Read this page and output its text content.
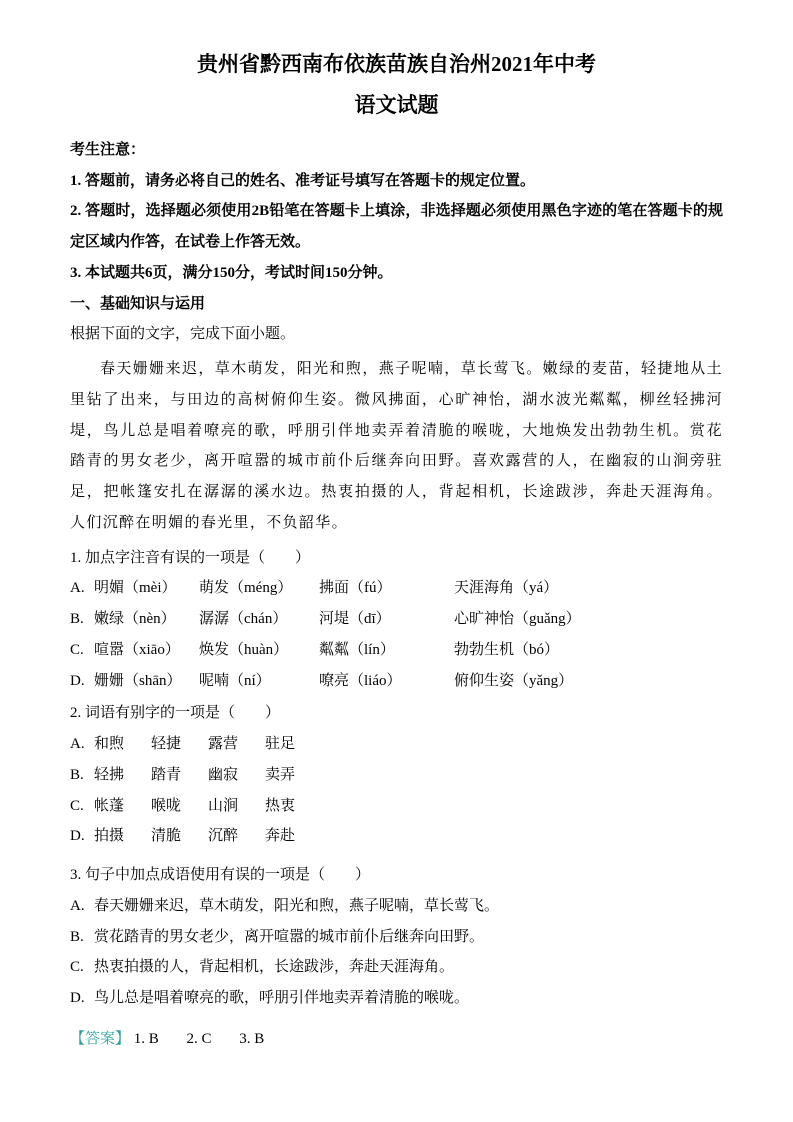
贵州省黔西南布依族苗族自治州2021年中考
语文试题

考生注意：

1. 答题前，请务必将自己的姓名、准考证号填写在答题卡的规定位置。

2. 答题时，选择题必须使用2B铅笔在答题卡上填涂，非选择题必须使用黑色字迹的笔在答题卡的规定区域内作答，在试卷上作答无效。

3. 本试题共6页，满分150分，考试时间150分钟。

一、基础知识与运用

根据下面的文字，完成下面小题。

春天姗姗来迟，草木萌发，阳光和煦，燕子呢喃，草长莺飞。嫩绿的麦苗，轻捷地从土里钻了出来，与田边的高树俯仰生姿。微风拂面，心旷神怡，湖水波光粼粼，柳丝轻拂河堤，鸟儿总是唱着嘹亮的歌，呼朋引伴地卖弄着清脆的喉咙，大地焕发出勃勃生机。赏花踏青的男女老少，离开喧嚣的城市前仆后继奔向田野。喜欢露营的人，在幽寂的山涧旁驻足，把帐篷安扎在潺潺的溪水边。热衷拍摄的人，背起相机，长途跋涉，奔赴天涯海角。人们沉醉在明媚的春光里，不负韶华。

1. 加点字注音有误的一项是（　　）

A. 明媚（mèi）	萌发（méng）	拂面（fú）	天涯海角（yá）
B. 嫩绿（nèn）	潺潺（chán）	河堤（dī）	心旷神怡（guǎng）
C. 喧嚣（xiāo）	焕发（huàn）	粼粼（lín）	勃勃生机（bó）
D. 姗姗（shān）	呢喃（ní）	嘹亮（liáo）	俯仰生姿（yǎng）

2. 词语有别字的一项是（　　）

A. 和煦	轻捷	露营	驻足
B. 轻拂	踏青	幽寂	卖弄
C. 帐蓬	喉咙	山涧	热衷
D. 拍摄	清脆	沉醉	奔赴

3. 句子中加点成语使用有误的一项是（　　）

A. 春天姗姗来迟，草木萌发，阳光和煦，燕子呢喃，草长莺飞。
B. 赏花踏青的男女老少，离开喧嚣的城市前仆后继奔向田野。
C. 热衷拍摄的人，背起相机，长途跋涉，奔赴天涯海角。
D. 鸟儿总是唱着嘹亮的歌，呼朋引伴地卖弄着清脆的喉咙。
【答案】 1. B 2. C 3. B
